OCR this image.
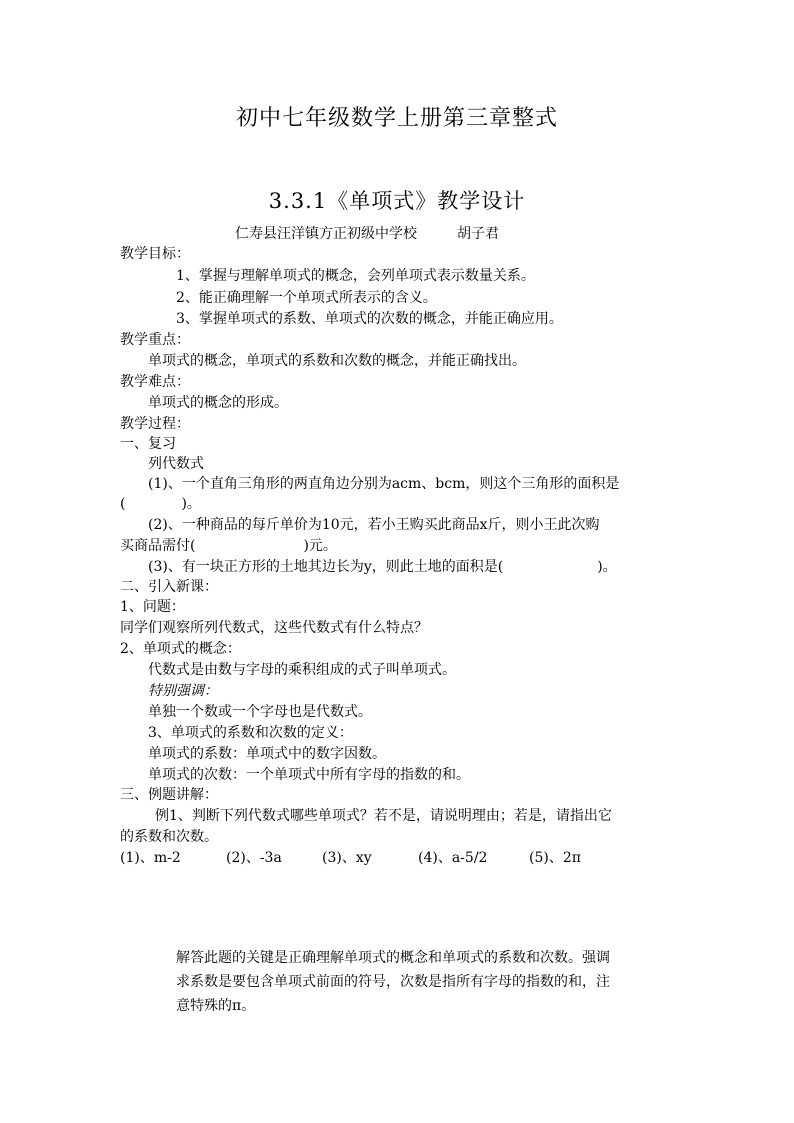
初中七年级数学上册第三章整式
3.3.1《单项式》教学设计
仁寿县汪洋镇方正初级中学校	胡子君
教学目标：
1、掌握与理解单项式的概念，会列单项式表示数量关系。
2、能正确理解一个单项式所表示的含义。
3、掌握单项式的系数、单项式的次数的概念，并能正确应用。
教学重点：
单项式的概念，单项式的系数和次数的概念，并能正确找出。
教学难点：
单项式的概念的形成。
教学过程：
一、复习
列代数式
(1)、一个直角三角形的两直角边分别为acm、bcm，则这个三角形的面积是
(	)。
(2)、一种商品的每斤单价为10元，若小王购买此商品x斤，则小王此次购
买商品需付(	)元。
(3)、有一块正方形的土地其边长为y，则此土地的面积是(	)。
二、引入新课：
1、问题：
同学们观察所列代数式，这些代数式有什么特点？
2、单项式的概念：
代数式是由数与字母的乘积组成的式子叫单项式。
特别强调：
单独一个数或一个字母也是代数式。
3、单项式的系数和次数的定义：
单项式的系数：单项式中的数字因数。
单项式的次数：一个单项式中所有字母的指数的和。
三、例题讲解：
例1、判断下列代数式哪些单项式？若不是，请说明理由；若是，请指出它
的系数和次数。
(1)、m-2	(2)、-3a	(3)、xy	(4)、a-5/2	(5)、2π
解答此题的关键是正确理解单项式的概念和单项式的系数和次数。强调
求系数是要包含单项式前面的符号，次数是指所有字母的指数的和，注
意特殊的π。
